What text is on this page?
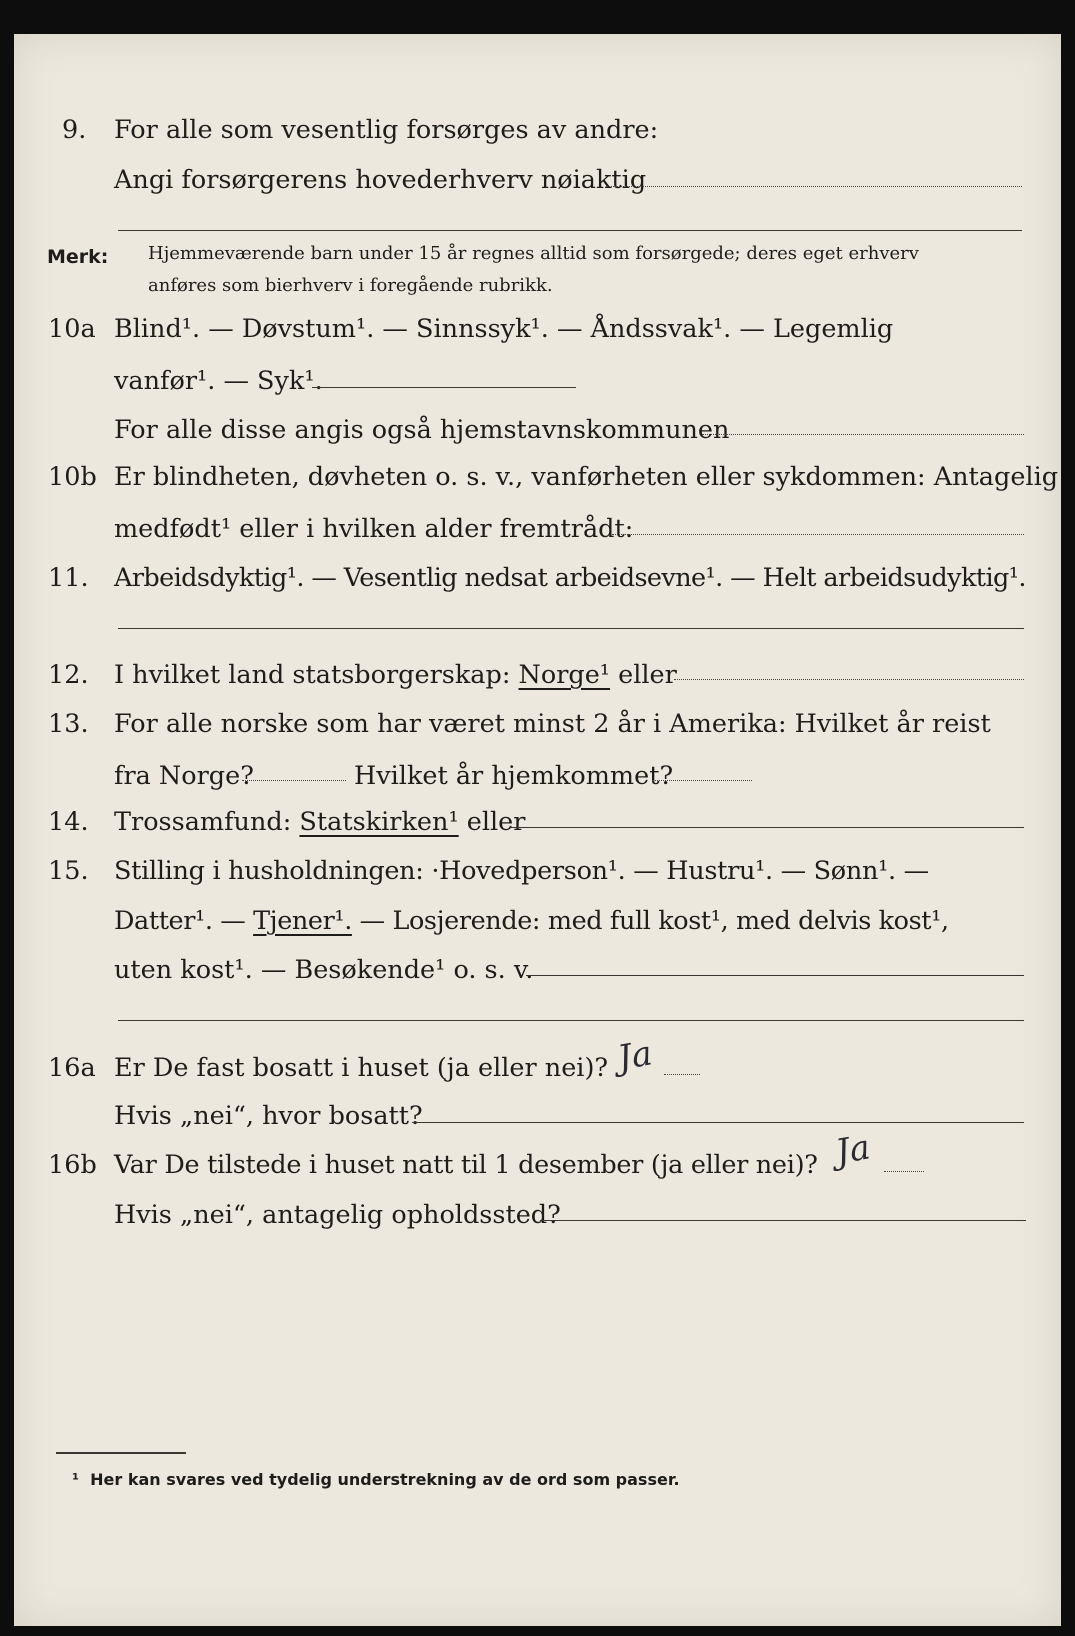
9. For alle som vesentlig forsørges av andre:
Angi forsørgerens hovederhverv nøiaktig
Merk: Hjemmeværende barn under 15 år regnes alltid som forsørgede; deres eget erhverv
anføres som bierhverv i foregående rubrikk.
10a Blind¹. — Døvstum¹. — Sinnssyk¹. — Åndssvak¹. — Legemlig
vanfør¹. — Syk¹.
For alle disse angis også hjemstavnskommunen
10b Er blindheten, døvheten o. s. v., vanførheten eller sykdommen: Antagelig
medfødt¹ eller i hvilken alder fremtrådt:
11. Arbeidsdyktig¹. — Vesentlig nedsat arbeidsevne¹. — Helt arbeidsudyktig¹.
12. I hvilket land statsborgerskap: Norge¹ eller
13. For alle norske som har været minst 2 år i Amerika: Hvilket år reist
fra Norge?	Hvilket år hjemkommet?
14. Trossamfund: Statskirken¹ eller
15. Stilling i husholdningen: ·Hovedperson¹. — Hustru¹. — Sønn¹. —
Datter¹. — Tjener¹. — Losjerende: med full kost¹, med delvis kost¹,
uten kost¹. — Besøkende¹ o. s. v.
16a Er De fast bosatt i huset (ja eller nei)? Ja
Hvis „nei“, hvor bosatt?
16b Var De tilstede i huset natt til 1 desember (ja eller nei)? Ja
Hvis „nei“, antagelig opholdssted?
¹ Her kan svares ved tydelig understrekning av de ord som passer.
